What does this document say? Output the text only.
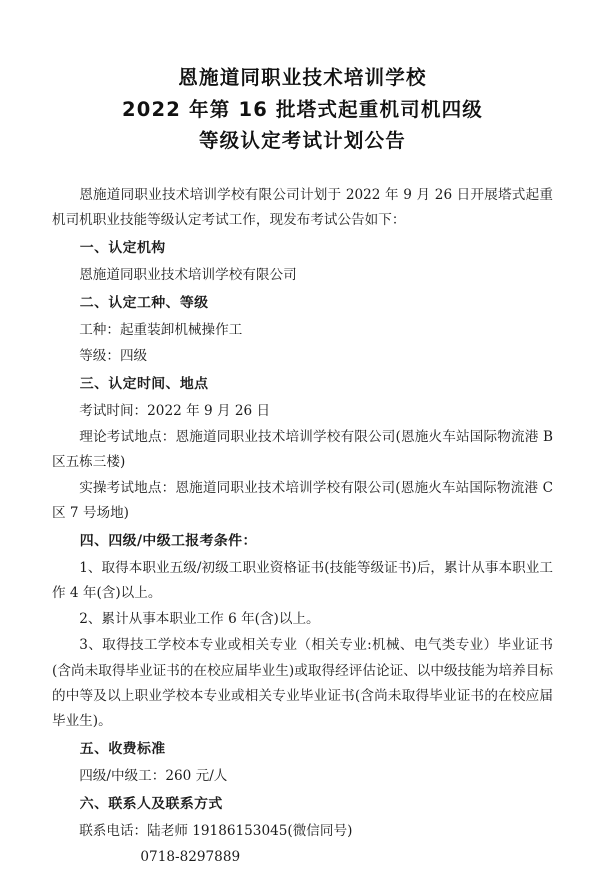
恩施道同职业技术培训学校
2022 年第 16 批塔式起重机司机四级
等级认定考试计划公告

恩施道同职业技术培训学校有限公司计划于 2022 年 9 月 26 日开展塔式起重机司机职业技能等级认定考试工作，现发布考试公告如下：

一、认定机构

恩施道同职业技术培训学校有限公司

二、认定工种、等级

工种：起重装卸机械操作工

等级：四级

三、认定时间、地点

考试时间：2022 年 9 月 26 日

理论考试地点：恩施道同职业技术培训学校有限公司(恩施火车站国际物流港 B 区五栋三楼)

实操考试地点：恩施道同职业技术培训学校有限公司(恩施火车站国际物流港 C 区 7 号场地)

四、四级/中级工报考条件：

1、取得本职业五级/初级工职业资格证书(技能等级证书)后，累计从事本职业工作 4 年(含)以上。

2、累计从事本职业工作 6 年(含)以上。

3、取得技工学校本专业或相关专业（相关专业:机械、电气类专业）毕业证书(含尚未取得毕业证书的在校应届毕业生)或取得经评估论证、以中级技能为培养目标的中等及以上职业学校本专业或相关专业毕业证书(含尚未取得毕业证书的在校应届毕业生)。

五、收费标准

四级/中级工：260 元/人

六、联系人及联系方式

联系电话：陆老师 19186153045(微信同号)

0718-8297889
